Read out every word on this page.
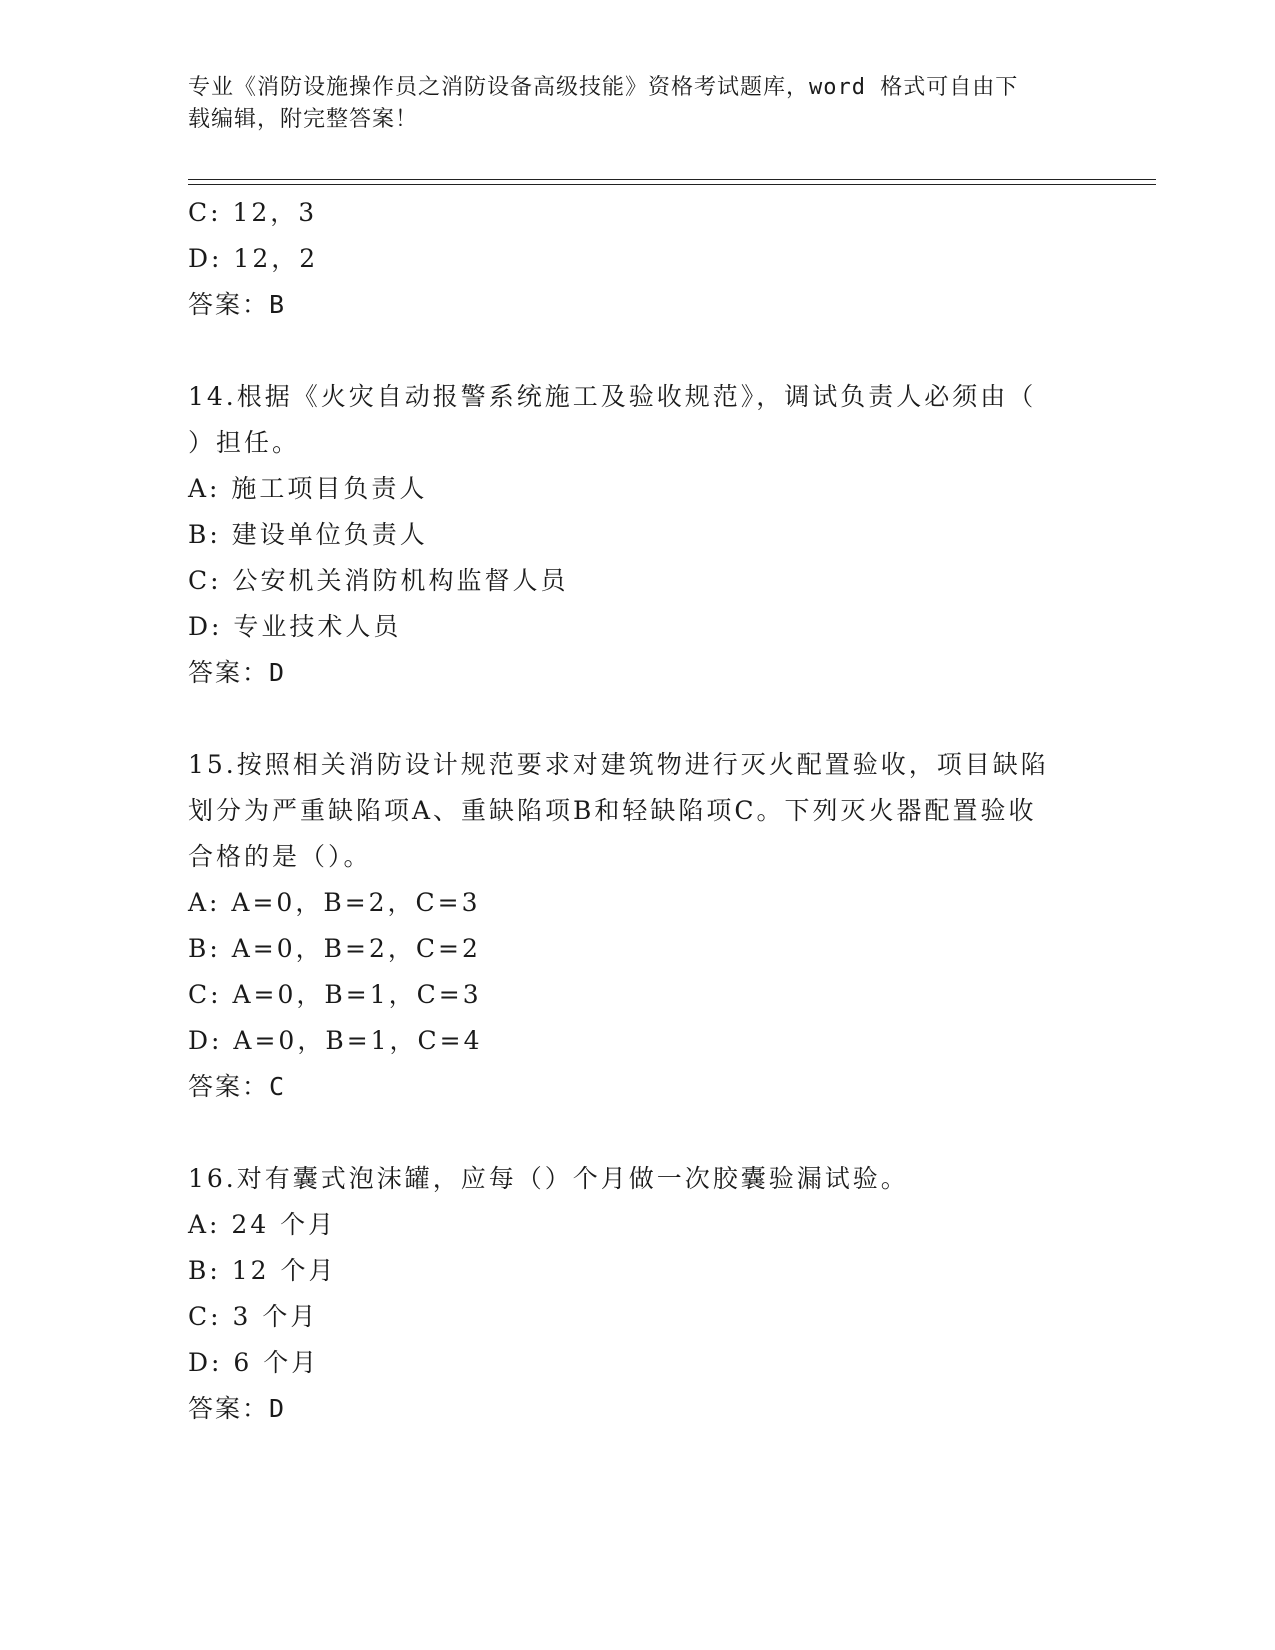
专业《消防设施操作员之消防设备高级技能》资格考试题库，word 格式可自由下
载编辑，附完整答案！
C: 12，3
D: 12，2
答案：B
14.根据《火灾自动报警系统施工及验收规范》，调试负责人必须由（
）担任。
A: 施工项目负责人
B: 建设单位负责人
C: 公安机关消防机构监督人员
D: 专业技术人员
答案：D
15.按照相关消防设计规范要求对建筑物进行灭火配置验收，项目缺陷
划分为严重缺陷项A、重缺陷项B和轻缺陷项C。下列灭火器配置验收
合格的是（）。
A: A=0，B=2，C=3
B: A=0，B=2，C=2
C: A=0，B=1，C=3
D: A=0，B=1，C=4
答案：C
16.对有囊式泡沫罐，应每（）个月做一次胶囊验漏试验。
A: 24 个月
B: 12 个月
C: 3 个月
D: 6 个月
答案：D
